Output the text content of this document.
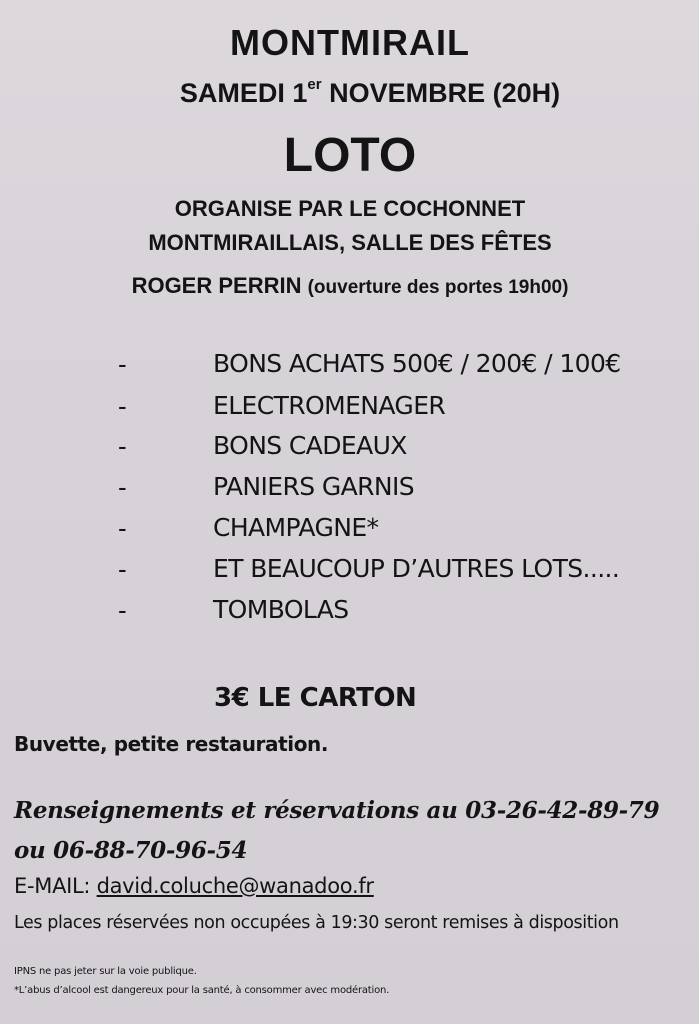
MONTMIRAIL
SAMEDI 1er NOVEMBRE (20H)
LOTO
ORGANISE PAR LE COCHONNET
MONTMIRAILLAIS, SALLE DES FÊTES
ROGER PERRIN (ouverture des portes 19h00)
-	BONS ACHATS 500€ / 200€ / 100€
-	ELECTROMENAGER
-	BONS CADEAUX
-	PANIERS GARNIS
-	CHAMPAGNE*
-	ET BEAUCOUP D’AUTRES LOTS.....
-	TOMBOLAS
3€ LE CARTON
Buvette, petite restauration.
Renseignements et réservations au 03-26-42-89-79
ou 06-88-70-96-54
E-MAIL: david.coluche@wanadoo.fr
Les places réservées non occupées à 19:30 seront remises à disposition
IPNS ne pas jeter sur la voie publique.
*L’abus d’alcool est dangereux pour la santé, à consommer avec modération.
